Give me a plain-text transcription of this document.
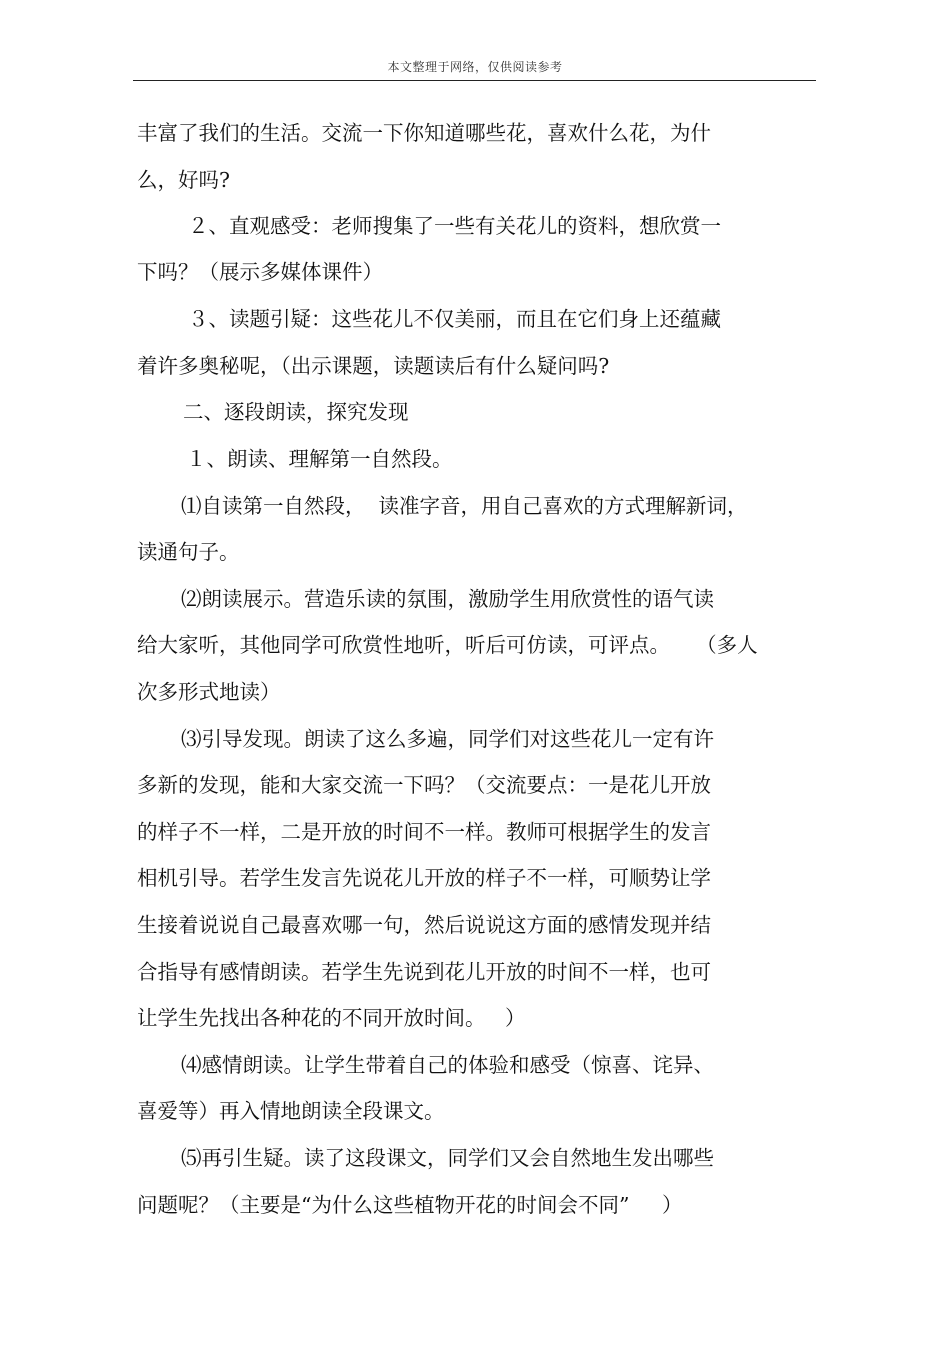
本文整理于网络，仅供阅读参考
丰富了我们的生活。交流一下你知道哪些花，喜欢什么花，为什
么，好吗?
２、直观感受：老师搜集了一些有关花儿的资料，想欣赏一
下吗？（展示多媒体课件）
３、读题引疑：这些花儿不仅美丽，而且在它们身上还蕴藏
着许多奥秘呢，（出示课题，读题读后有什么疑问吗?
二、逐段朗读，探究发现
１、朗读、理解第一自然段。
⑴自读第一自然段，  读准字音，用自己喜欢的方式理解新词，
读通句子。
⑵朗读展示。营造乐读的氛围，激励学生用欣赏性的语气读
给大家听，其他同学可欣赏性地听，听后可仿读，可评点。    （多人
次多形式地读）
⑶引导发现。朗读了这么多遍，同学们对这些花儿一定有许
多新的发现，能和大家交流一下吗？（交流要点：一是花儿开放
的样子不一样，二是开放的时间不一样。教师可根据学生的发言
相机引导。若学生发言先说花儿开放的样子不一样，可顺势让学
生接着说说自己最喜欢哪一句，然后说说这方面的感情发现并结
合指导有感情朗读。若学生先说到花儿开放的时间不一样，也可
让学生先找出各种花的不同开放时间。   ）
⑷感情朗读。让学生带着自己的体验和感受（惊喜、诧异、
喜爱等）再入情地朗读全段课文。
⑸再引生疑。读了这段课文，同学们又会自然地生发出哪些
问题呢？（主要是“为什么这些植物开花的时间会不同”     ）
